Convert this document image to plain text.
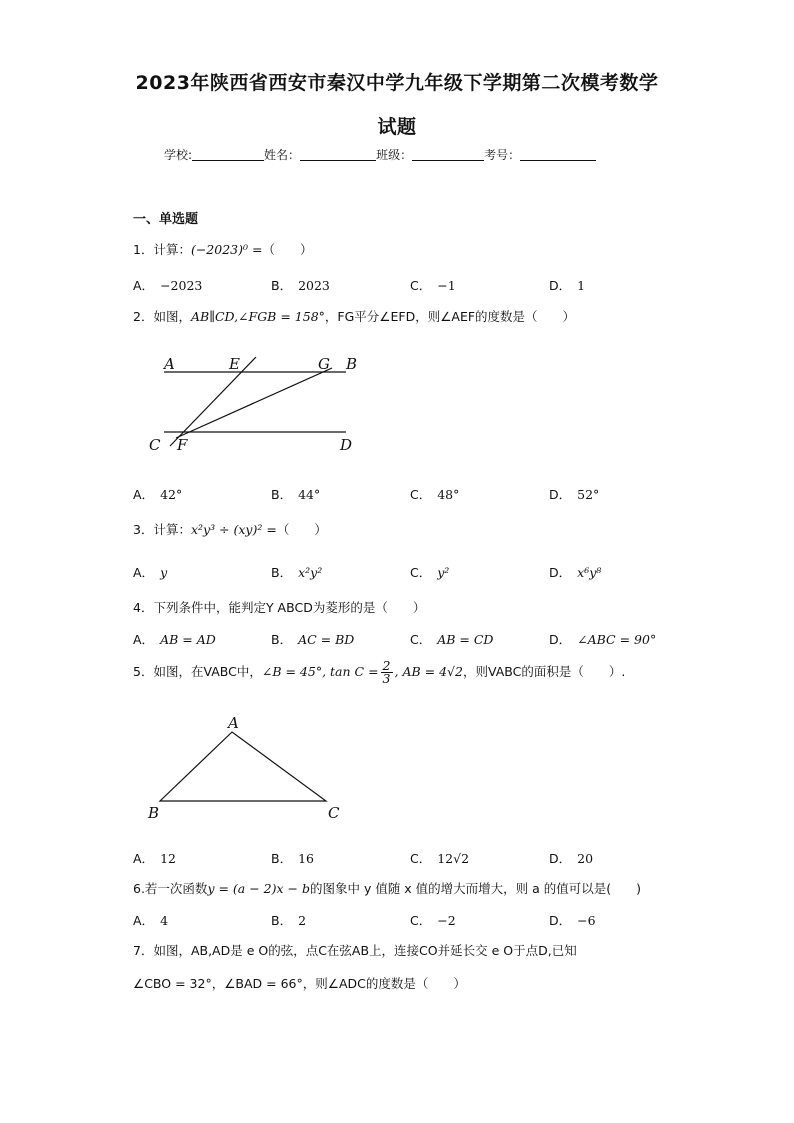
2023年陕西省西安市秦汉中学九年级下学期第二次模考数学
试题
学校:	姓名：	班级：	考号：
一、单选题
1．计算：(−2023)⁰ =（　　）
A． −2023	B． 2023	C． −1	D． 1
2．如图，AB∥CD,∠FGB = 158°，FG平分∠EFD，则∠AEF的度数是（　　）
A	E	G B
C F	D
A． 42°	B． 44°	C． 48°	D． 52°
3．计算：x²y³ ÷ (xy)² =（　　）
A． y	B． x²y²	C． y²	D． x⁶y⁸
4．下列条件中，能判定Y ABCD为菱形的是（　　）
A． AB = AD	B． AC = BD	C． AB = CD	D． ∠ABC = 90°
5．如图，在VABC中，∠B = 45°, $\tan C = \frac{2}{3}$ , AB = 4√2，则VABC的面积是（　　）.
A
B	C
A． 12	B． 16	C． 12√2	D． 20
6.若一次函数y = (a − 2)x − b的图象中 y 值随 x 值的增大而增大，则 a 的值可以是(　　)
A． 4	B． 2	C． −2	D． −6
7．如图，AB,AD是 e O的弦，点C在弦AB上，连接CO并延长交 e O于点D,已知
∠CBO = 32°，∠BAD = 66°，则∠ADC的度数是（　　）
